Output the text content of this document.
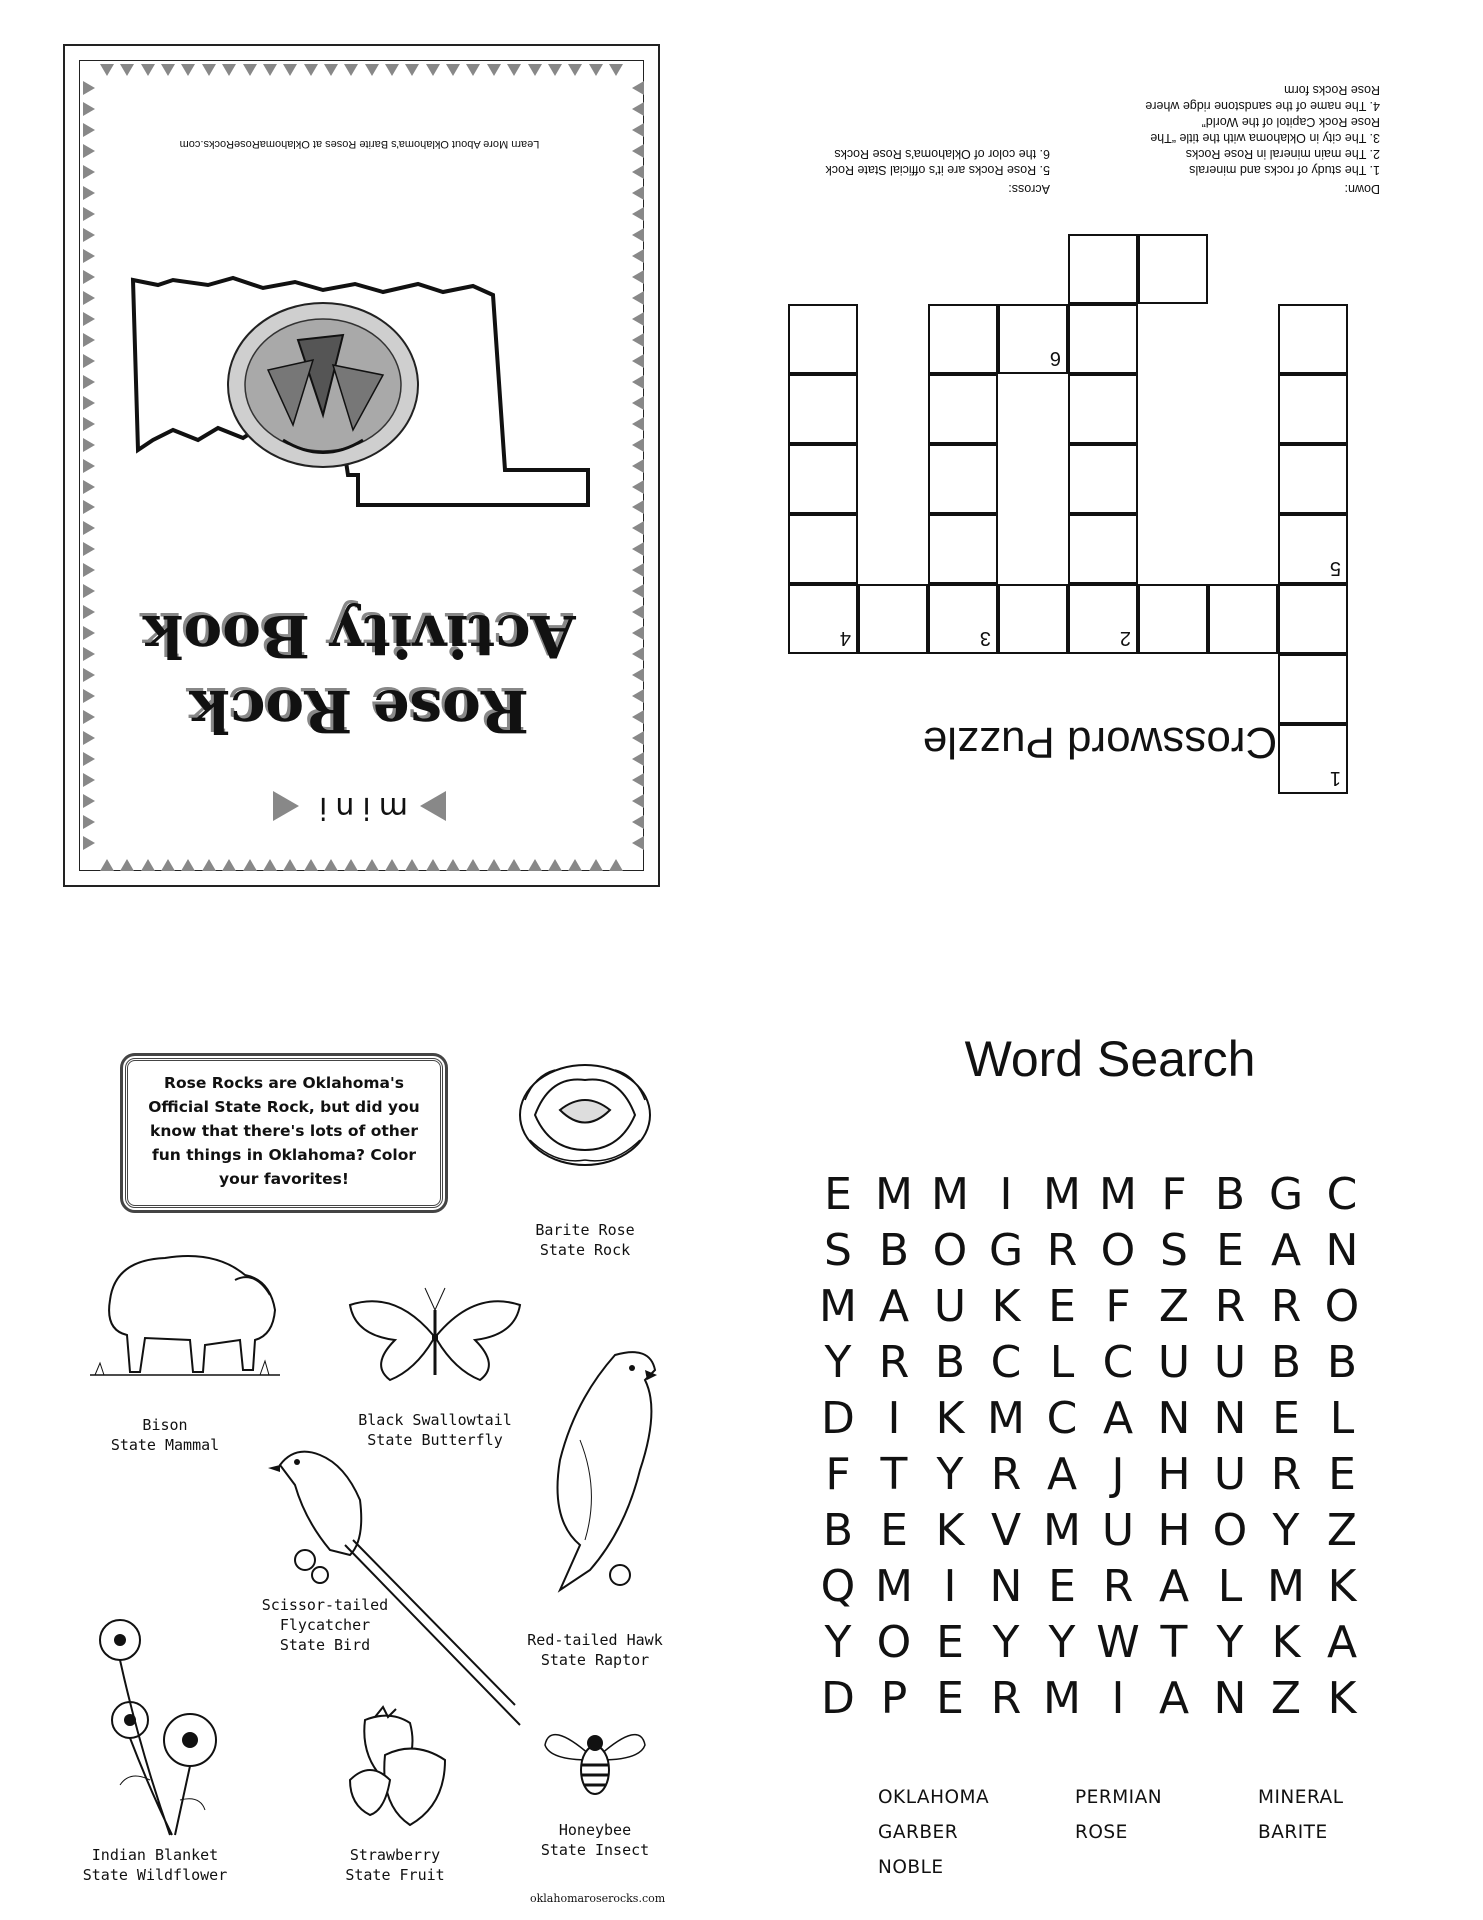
mini
Rose Rock
Activity Book
Learn More About Oklahoma's Barite Roses at OklahomaRoseRocks.com
Crossword Puzzle
5
1
2
6
3
4
Across:
5. Rose Rocks are it's official State Rock
6. the color of Oklahoma's Rose Rocks
Down:
1. The study of rocks and minerals
2. The main mineral in Rose Rocks
3. The city in Oklahoma with the title “The
Rose Rock Capitol of the World”
4. The name of the sandstone ridge where
Rose Rocks form
Rose Rocks are Oklahoma's Official State Rock, but did you know that there's lots of other fun things in Oklahoma? Color your favorites!
Barite Rose
State Rock
Bison
State Mammal
Black Swallowtail
State Butterfly
Red-tailed Hawk
State Raptor
Scissor-tailed Flycatcher
State Bird
Indian Blanket
State Wildflower
Strawberry
State Fruit
Honeybee
State Insect
oklahomaroserocks.com
Word Search
E M M I M M F B G C
S B O G R O S E A N
M A U K E F Z R R O
Y R B C L C U U B B
D I K M C A N N E L
F T Y R A J H U R E
B E K V M U H O Y Z
Q M I N E R A L M K
Y O E Y Y W T Y K A
D P E R M I A N Z K
OKLAHOMA	PERMIAN	MINERAL
GARBER	ROSE	BARITE
NOBLE
